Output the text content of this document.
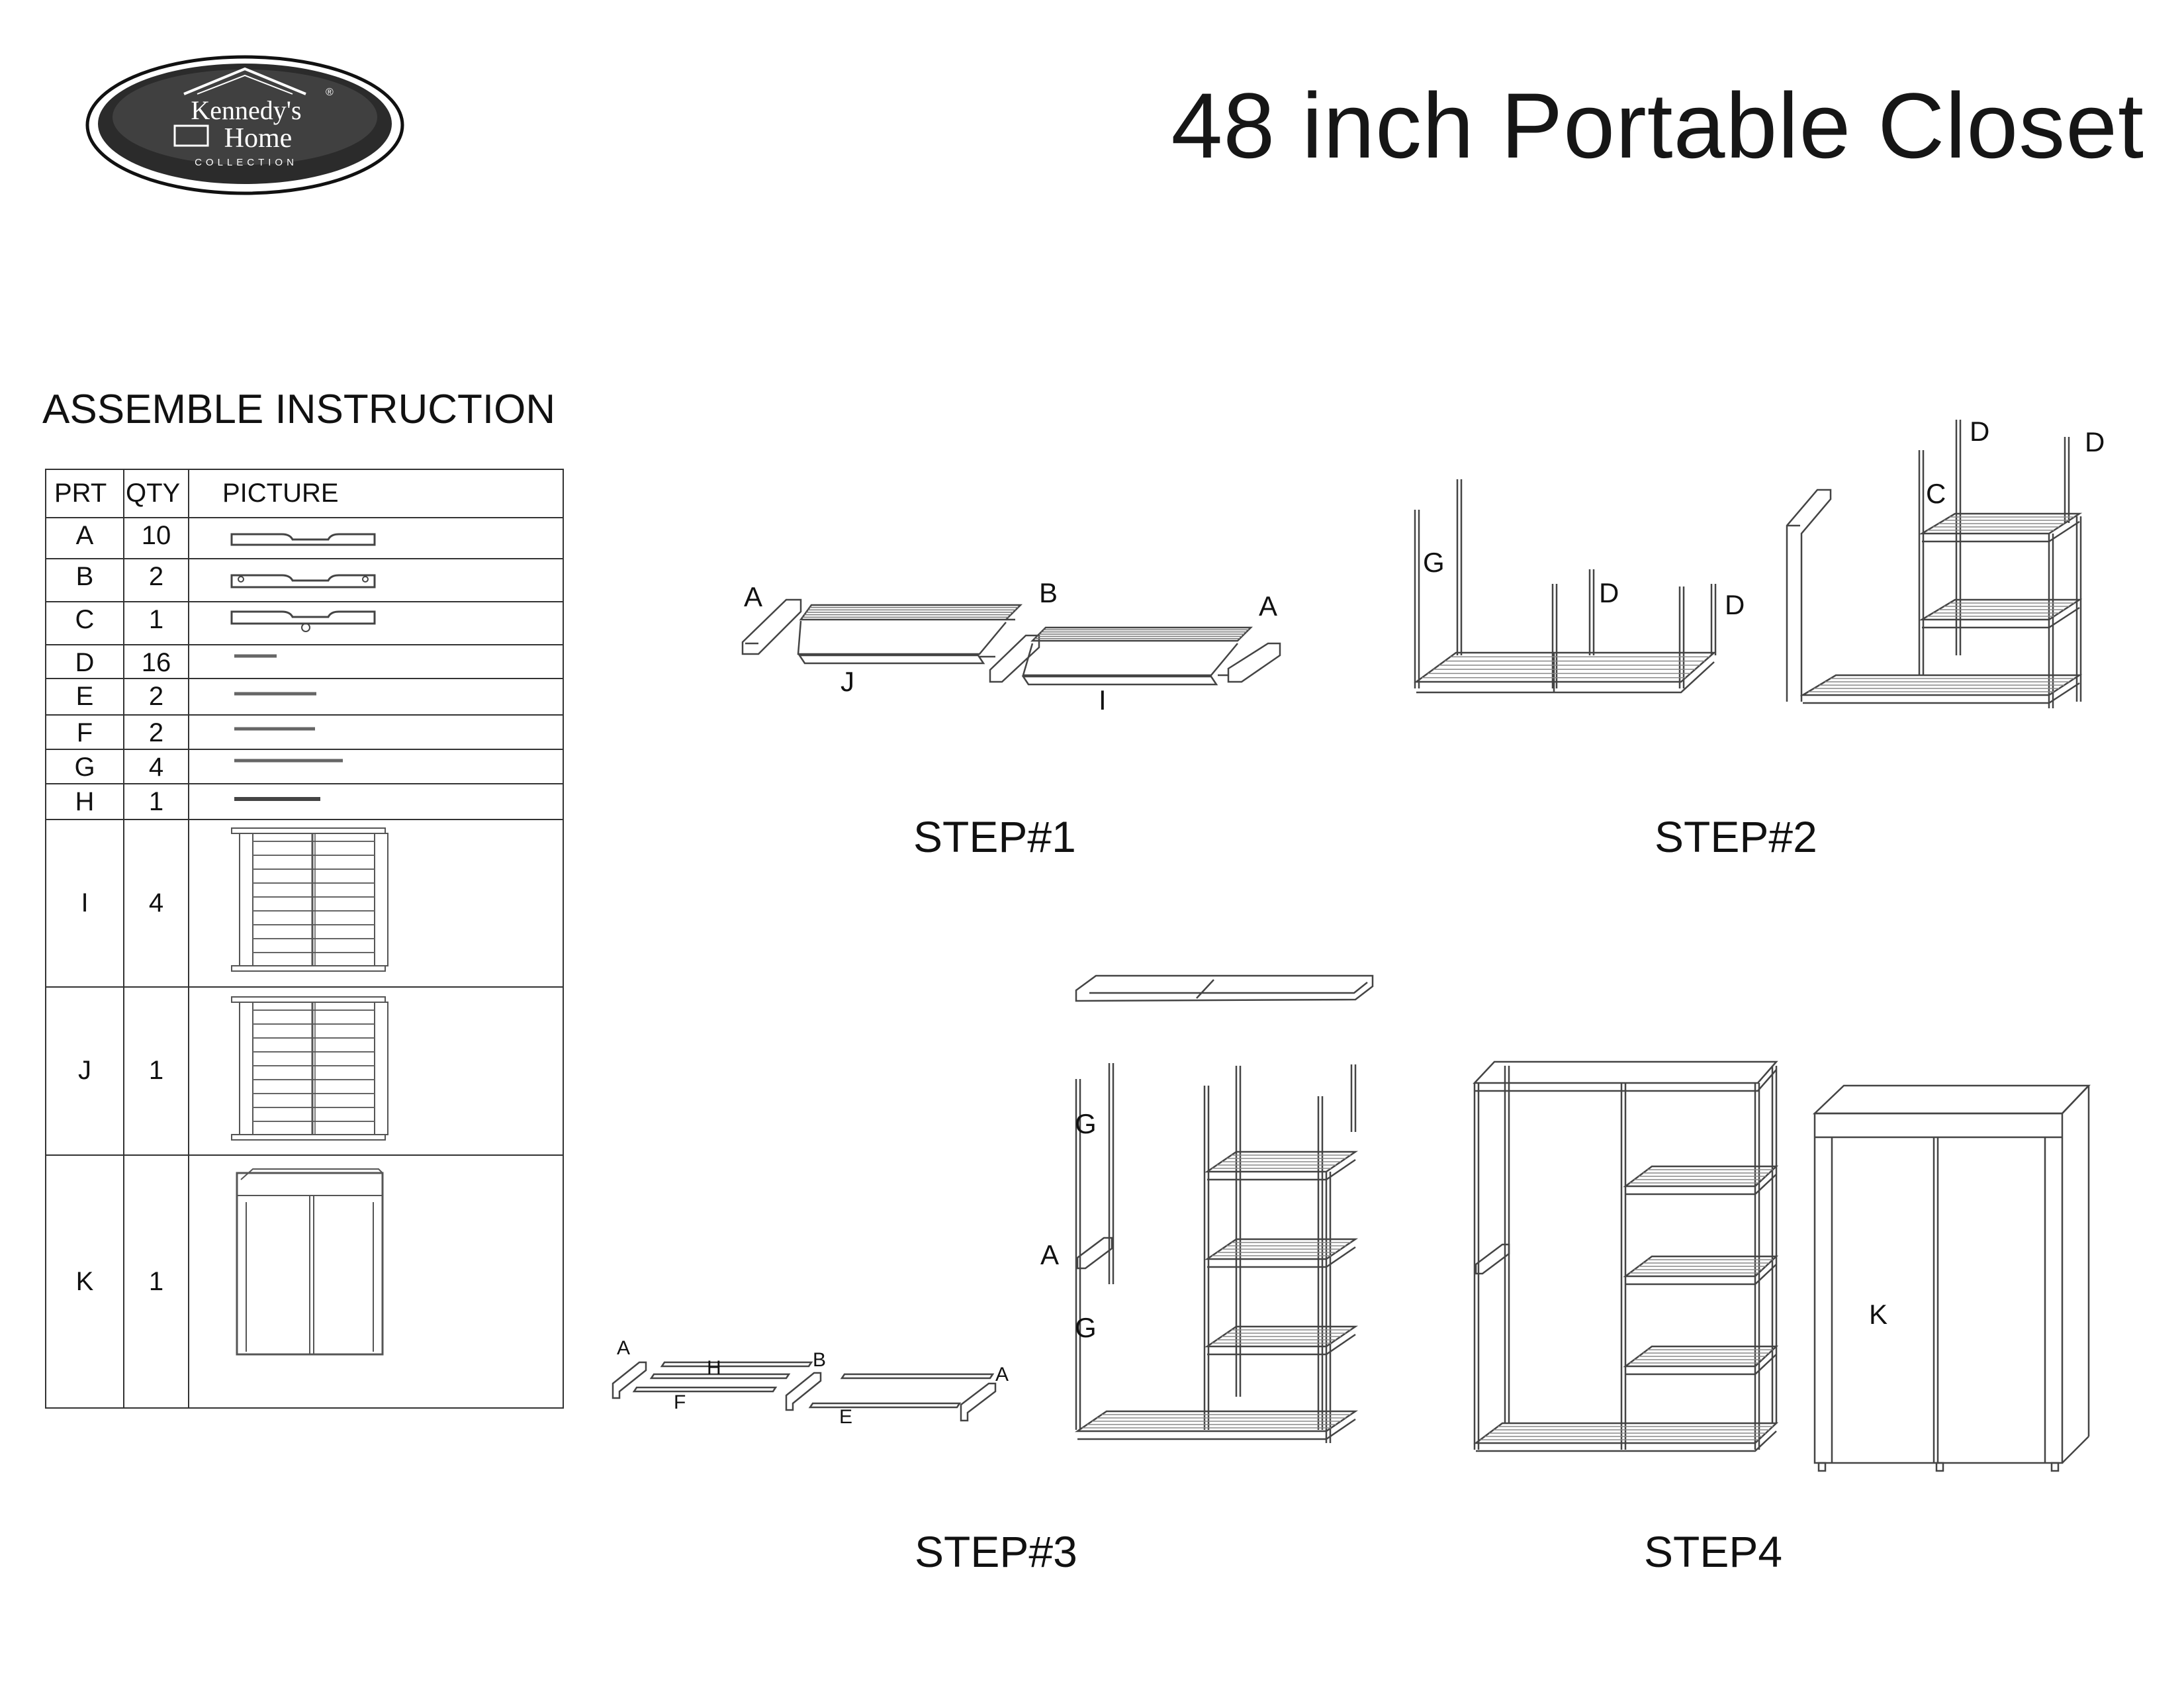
Kennedy's
Home
COLLECTION
®	48 inch Portable Closet
ASSEMBLE INSTRUCTION
PRT	QTY	PICTURE

A	10

B	2

C	1

D	16

E	2

F	2

G	4

H	1

I	4	

J	1	

K	1	
A	B	A
J
I
STEP#1
G
D	D
D	D
C
STEP#2
A
H	B
A
F
E
G
A
G
STEP#3
K
STEP4
